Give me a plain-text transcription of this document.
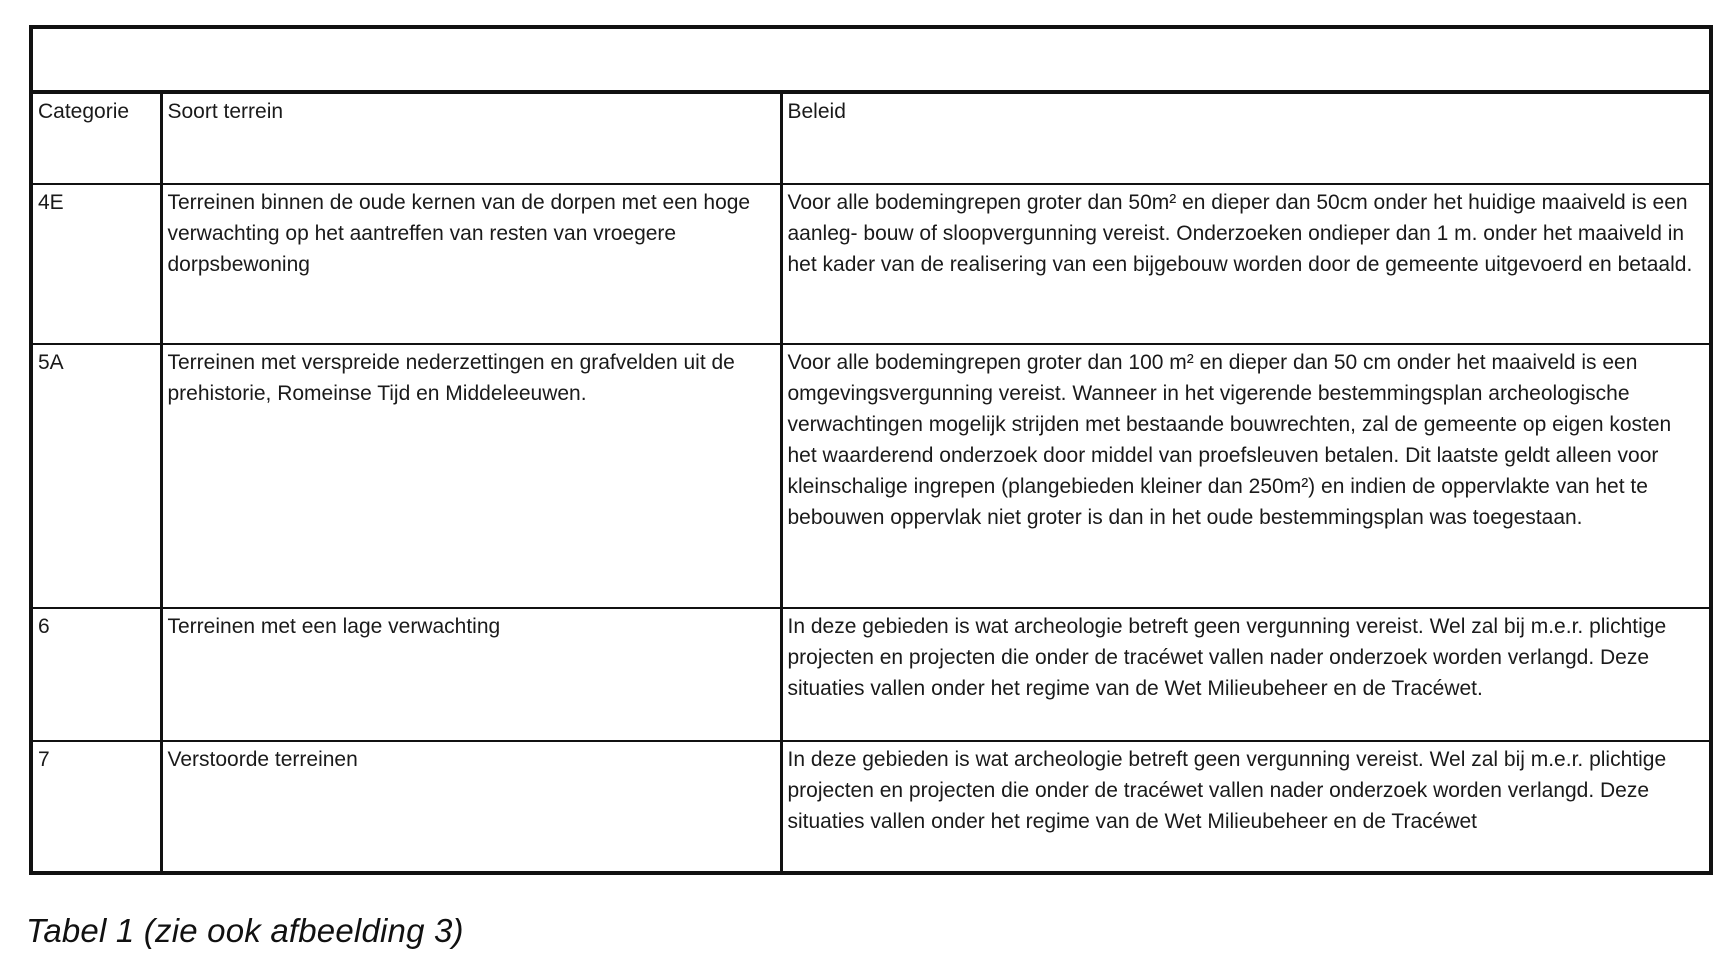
Categorie	Soort terrein	Beleid
4E	Terreinen binnen de oude kernen van de dorpen met een hoge verwachting op het aantreffen van resten van vroegere dorpsbewoning	Voor alle bodemingrepen groter dan 50m² en dieper dan 50cm onder het huidige maaiveld is een aanleg- bouw of sloopvergunning vereist. Onderzoeken ondieper dan 1 m. onder het maaiveld in het kader van de realisering van een bijgebouw worden door de gemeente uitgevoerd en betaald.
5A	Terreinen met verspreide nederzettingen en grafvelden uit de prehistorie, Romeinse Tijd en Middeleeuwen.	Voor alle bodemingrepen groter dan 100 m² en dieper dan 50 cm onder het maaiveld is een omgevingsvergunning vereist. Wanneer in het vigerende bestemmingsplan archeologische verwachtingen mogelijk strijden met bestaande bouwrechten, zal de gemeente op eigen kosten het waarderend onderzoek door middel van proefsleuven betalen. Dit laatste geldt alleen voor kleinschalige ingrepen (plangebieden kleiner dan 250m²) en indien de oppervlakte van het te bebouwen oppervlak niet groter is dan in het oude bestemmingsplan was toegestaan.
6	Terreinen met een lage verwachting	In deze gebieden is wat archeologie betreft geen vergunning vereist. Wel zal bij m.e.r. plichtige projecten en projecten die onder de tracéwet vallen nader onderzoek worden verlangd. Deze situaties vallen onder het regime van de Wet Milieubeheer en de Tracéwet.
7	Verstoorde terreinen	In deze gebieden is wat archeologie betreft geen vergunning vereist. Wel zal bij m.e.r. plichtige projecten en projecten die onder de tracéwet vallen nader onderzoek worden verlangd. Deze situaties vallen onder het regime van de Wet Milieubeheer en de Tracéwet
Tabel 1 (zie ook afbeelding 3)
